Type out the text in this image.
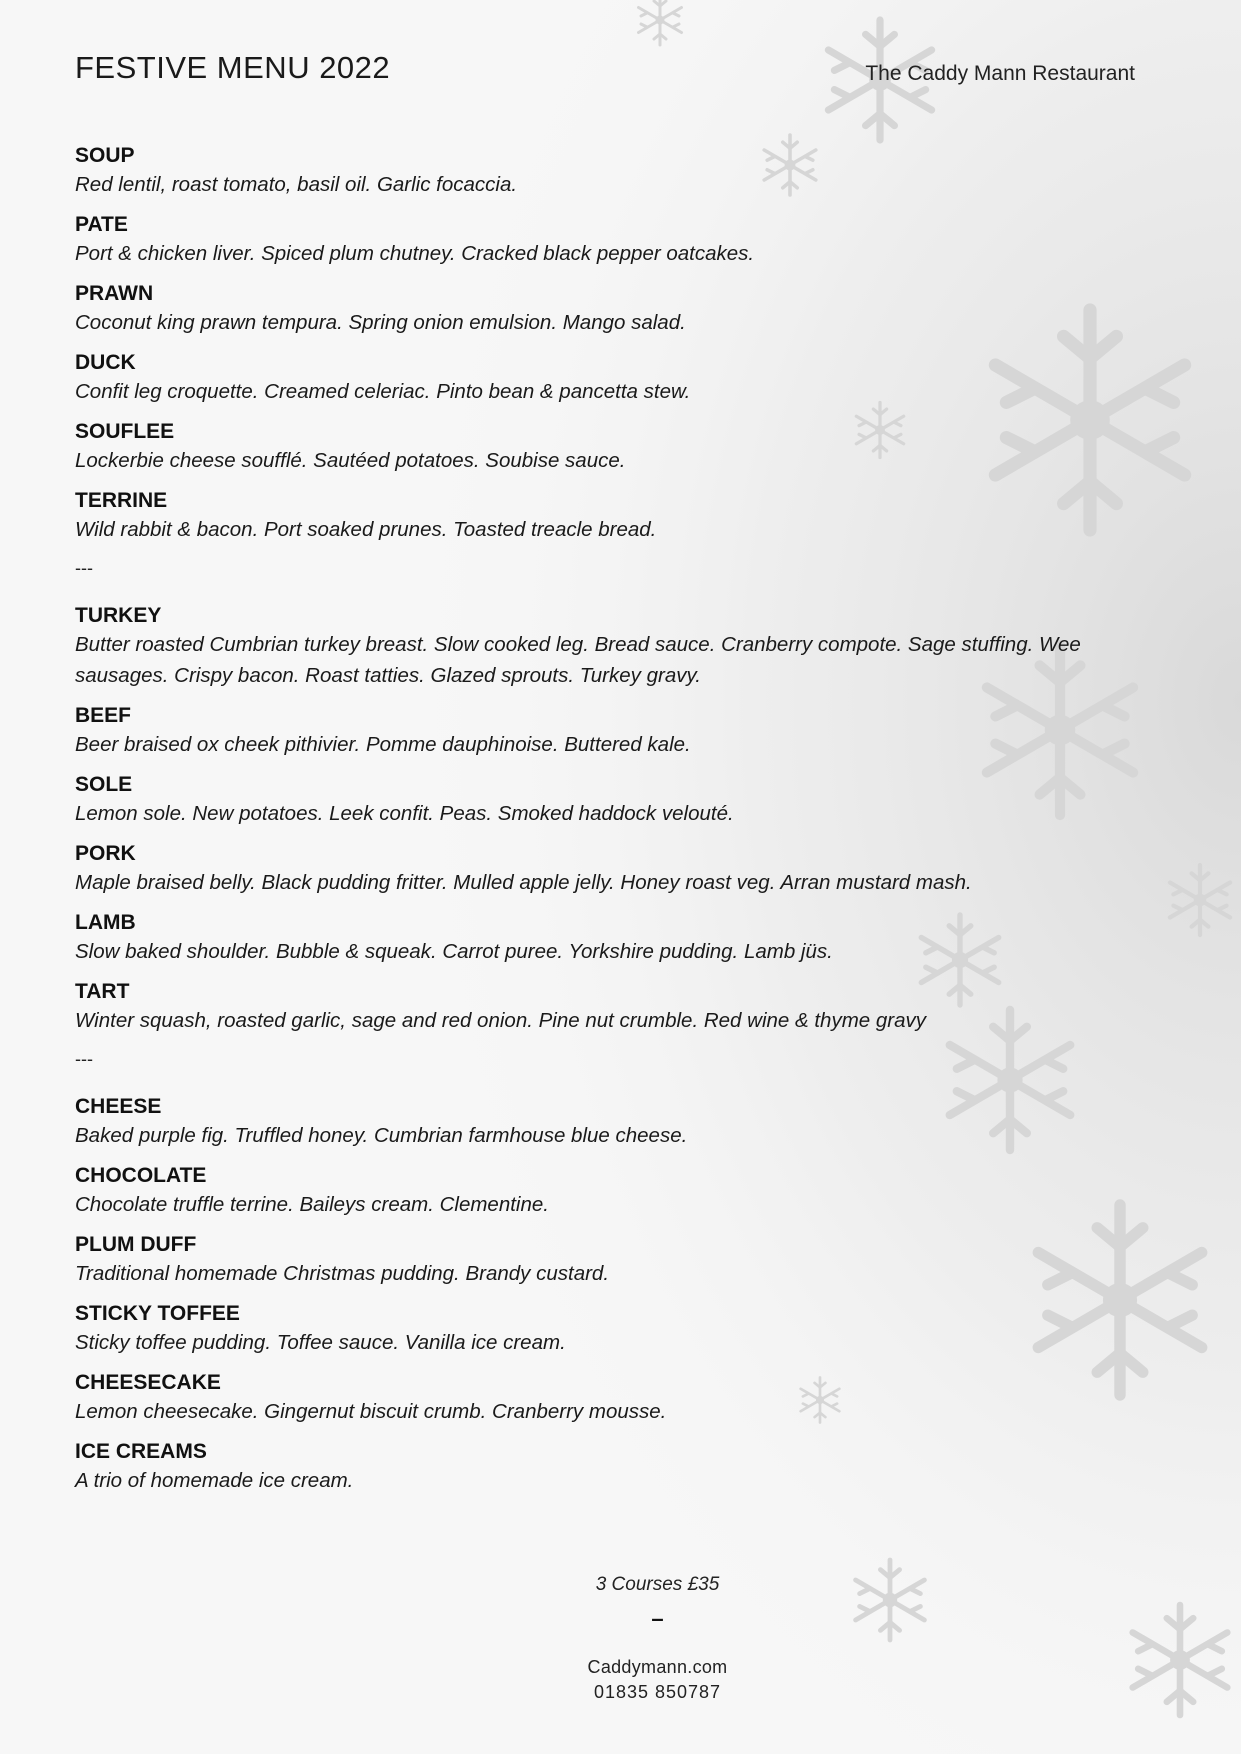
FESTIVE MENU 2022	The Caddy Mann Restaurant
SOUP
Red lentil, roast tomato, basil oil. Garlic focaccia.
PATE
Port & chicken liver. Spiced plum chutney. Cracked black pepper oatcakes.
PRAWN
Coconut king prawn tempura. Spring onion emulsion. Mango salad.
DUCK
Confit leg croquette. Creamed celeriac. Pinto bean & pancetta stew.
SOUFLEE
Lockerbie cheese soufflé. Sautéed potatoes. Soubise sauce.
TERRINE
Wild rabbit & bacon. Port soaked prunes. Toasted treacle bread.
---
TURKEY
Butter roasted Cumbrian turkey breast. Slow cooked leg. Bread sauce. Cranberry compote. Sage stuffing. Wee sausages. Crispy bacon. Roast tatties. Glazed sprouts. Turkey gravy.
BEEF
Beer braised ox cheek pithivier. Pomme dauphinoise. Buttered kale.
SOLE
Lemon sole. New potatoes. Leek confit. Peas. Smoked haddock velouté.
PORK
Maple braised belly. Black pudding fritter. Mulled apple jelly. Honey roast veg. Arran mustard mash.
LAMB
Slow baked shoulder. Bubble & squeak. Carrot puree. Yorkshire pudding. Lamb jüs.
TART
Winter squash, roasted garlic, sage and red onion. Pine nut crumble. Red wine & thyme gravy
---
CHEESE
Baked purple fig. Truffled honey. Cumbrian farmhouse blue cheese.
CHOCOLATE
Chocolate truffle terrine. Baileys cream. Clementine.
PLUM DUFF
Traditional homemade Christmas pudding. Brandy custard.
STICKY TOFFEE
Sticky toffee pudding. Toffee sauce. Vanilla ice cream.
CHEESECAKE
Lemon cheesecake. Gingernut biscuit crumb. Cranberry mousse.
ICE CREAMS
A trio of homemade ice cream.
3 Courses £35
–
Caddymann.com
01835 850787
